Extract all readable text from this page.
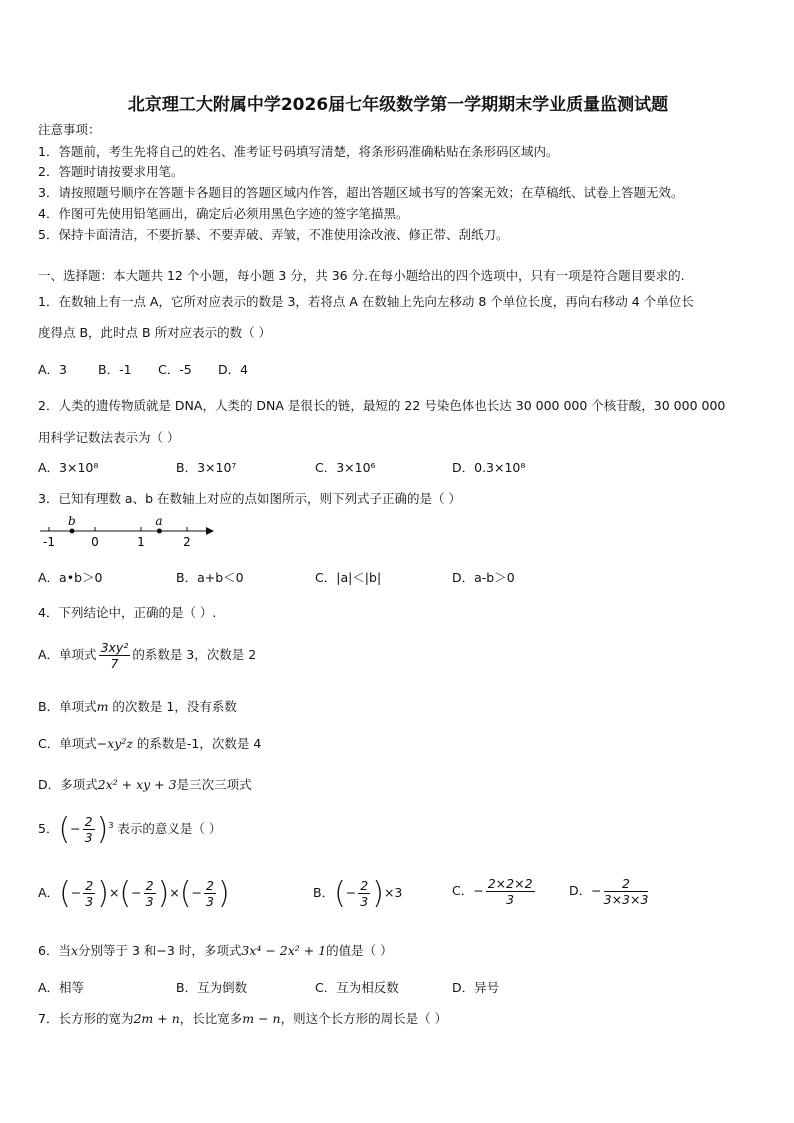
北京理工大附属中学2026届七年级数学第一学期期末学业质量监测试题
注意事项：
1．答题前，考生先将自己的姓名、准考证号码填写清楚，将条形码准确粘贴在条形码区域内。
2．答题时请按要求用笔。
3．请按照题号顺序在答题卡各题目的答题区域内作答，超出答题区域书写的答案无效；在草稿纸、试卷上答题无效。
4．作图可先使用铅笔画出，确定后必须用黑色字迹的签字笔描黑。
5．保持卡面清洁，不要折暴、不要弄破、弄皱，不准使用涂改液、修正带、刮纸刀。
一、选择题：本大题共 12 个小题，每小题 3 分，共 36 分.在每小题给出的四个选项中，只有一项是符合题目要求的.
1．在数轴上有一点 A，它所对应表示的数是 3，若将点 A 在数轴上先向左移动 8 个单位长度，再向右移动 4 个单位长
度得点 B，此时点 B 所对应表示的数（ ）
A．3 B．-1 C．-5 D．4
2．人类的遗传物质就是 DNA，人类的 DNA 是很长的链，最短的 22 号染色体也长达 30 000 000 个核苷酸，30 000 000
用科学记数法表示为（ ）
A．3×10⁸	B．3×10⁷	C．3×10⁶	D．0.3×10⁸
3．已知有理数 a、b 在数轴上对应的点如图所示，则下列式子正确的是（ ）
-1	0	1	2
b	a
A．a•b＞0	B．a+b＜0	C．|a|＜|b|	D．a-b＞0
4．下列结论中，正确的是（ ）.
A．单项式 $\frac{\text{3xy²}}{7}$ 的系数是 3，次数是 2
B．单项式m 的次数是 1，没有系数
C．单项式−xy²z 的系数是-1，次数是 4
D．多项式2x² + xy + 3是三次三项式
5．(− $\frac{2}{3} )^3$ 表示的意义是（ ）
A．(− $\frac{2}{3}$ )×(− $\frac{2}{3}$ )×(− $\frac{2}{3}$ )	B．(− $\frac{2}{3} )\times 3$	C．− $\frac{2\times 2\times 2}{3}$	D．− $\frac{2}{3\times 3\times 3}$
6．当x分别等于 3 和−3 时，多项式3x⁴ − 2x² + 1的值是（ ）
A．相等	B．互为倒数	C．互为相反数	D．异号
7．长方形的宽为2m + n，长比宽多m − n，则这个长方形的周长是（ ）
